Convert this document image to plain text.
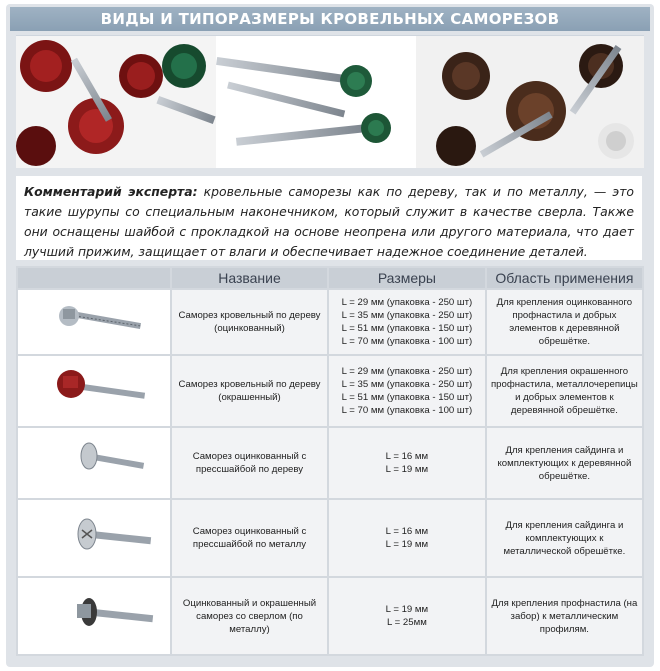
ВИДЫ И ТИПОРАЗМЕРЫ КРОВЕЛЬНЫХ САМОРЕЗОВ
Комментарий эксперта: кровельные саморезы как по дереву, так и по металлу, — это такие шурупы со специальным наконечником, который служит в качестве сверла. Также они оснащены шайбой с прокладкой на основе неопрена или другого материала, что дает лучший прижим, защищает от влаги и обеспечивает надежное соединение деталей.
	Название	Размеры	Область применения
	Саморез кровельный по дереву (оцинкованный)	L = 29 мм (упаковка - 250 шт)
L = 35 мм (упаковка - 250 шт)
L = 51 мм (упаковка - 150 шт)
L = 70 мм (упаковка - 100 шт)	Для крепления оцинкованного профнастила и добрых элементов к деревянной обрешётке.
	Саморез кровельный по дереву (окрашенный)	L = 29 мм (упаковка - 250 шт)
L = 35 мм (упаковка - 250 шт)
L = 51 мм (упаковка - 150 шт)
L = 70 мм (упаковка - 100 шт)	Для крепления окрашенного профнастила, металлочерепицы и добрых элементов к деревянной обрешётке.
	Саморез оцинкованный с прессшайбой по дереву	L = 16 мм
L = 19 мм	Для крепления сайдинга и комплектующих к деревянной обрешётке.
	Саморез оцинкованный с прессшайбой по металлу	L = 16 мм
L = 19 мм	Для крепления сайдинга и комплектующих к металлической обрешётке.
	Оцинкованный и окрашенный саморез со сверлом (по металлу)	L = 19 мм
L = 25мм	Для крепления профнастила (на забор) к металлическим профилям.
